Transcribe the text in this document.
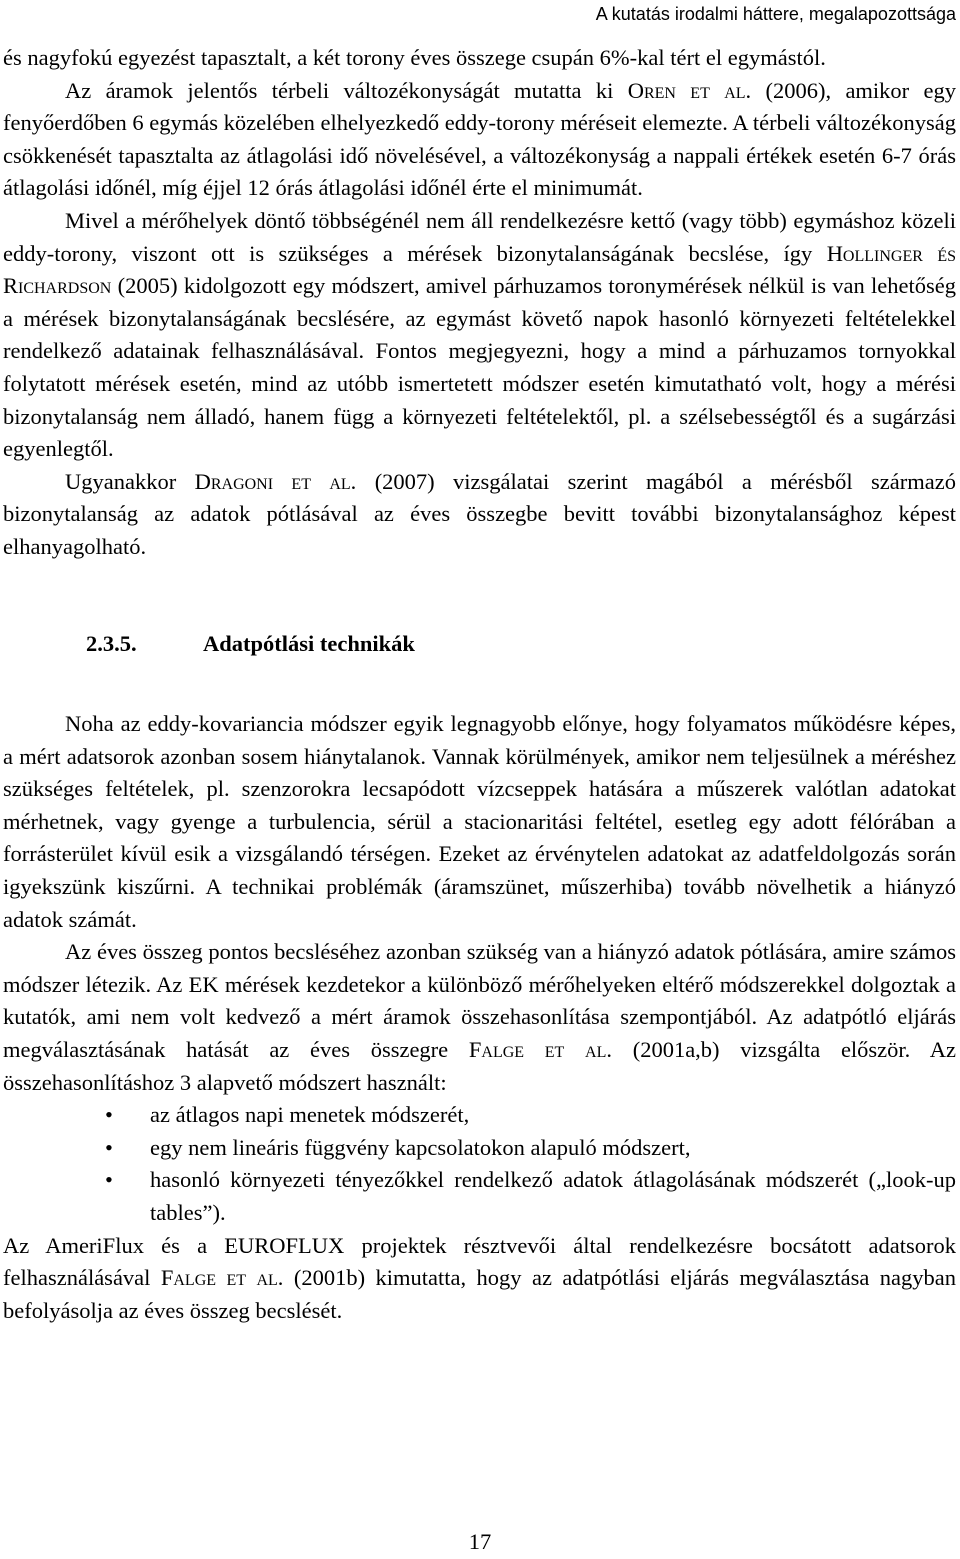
A kutatás irodalmi háttere, megalapozottsága

és nagyfokú egyezést tapasztalt, a két torony éves összege csupán 6%-kal tért el egymástól.

Az áramok jelentős térbeli változékonyságát mutatta ki Oren et al. (2006), amikor egy fenyőerdőben 6 egymás közelében elhelyezkedő eddy-torony méréseit elemezte. A térbeli változékonyság csökkenését tapasztalta az átlagolási idő növelésével, a változékonyság a nappali értékek esetén 6-7 órás átlagolási időnél, míg éjjel 12 órás átlagolási időnél érte el minimumát.

Mivel a mérőhelyek döntő többségénél nem áll rendelkezésre kettő (vagy több) egymáshoz közeli eddy-torony, viszont ott is szükséges a mérések bizonytalanságának becslése, így Hollinger és Richardson (2005) kidolgozott egy módszert, amivel párhuzamos toronymérések nélkül is van lehetőség a mérések bizonytalanságának becslésére, az egymást követő napok hasonló környezeti feltételekkel rendelkező adatainak felhasználásával. Fontos megjegyezni, hogy a mind a párhuzamos tornyokkal folytatott mérések esetén, mind az utóbb ismertetett módszer esetén kimutatható volt, hogy a mérési bizonytalanság nem álladó, hanem függ a környezeti feltételektől, pl. a szélsebességtől és a sugárzási egyenlegtől.

Ugyanakkor Dragoni et al. (2007) vizsgálatai szerint magából a mérésből származó bizonytalanság az adatok pótlásával az éves összegbe bevitt további bizonytalansághoz képest elhanyagolható.

2.3.5.	Adatpótlási technikák

Noha az eddy-kovariancia módszer egyik legnagyobb előnye, hogy folyamatos működésre képes, a mért adatsorok azonban sosem hiánytalanok. Vannak körülmények, amikor nem teljesülnek a méréshez szükséges feltételek, pl. szenzorokra lecsapódott vízcseppek hatására a műszerek valótlan adatokat mérhetnek, vagy gyenge a turbulencia, sérül a stacionaritási feltétel, esetleg egy adott félórában a forrásterület kívül esik a vizsgálandó térségen. Ezeket az érvénytelen adatokat az adatfeldolgozás során igyekszünk kiszűrni. A technikai problémák (áramszünet, műszerhiba) tovább növelhetik a hiányzó adatok számát.

Az éves összeg pontos becsléséhez azonban szükség van a hiányzó adatok pótlására, amire számos módszer létezik. Az EK mérések kezdetekor a különböző mérőhelyeken eltérő módszerekkel dolgoztak a kutatók, ami nem volt kedvező a mért áramok összehasonlítása szempontjából. Az adatpótló eljárás megválasztásának hatását az éves összegre Falge et al. (2001a,b) vizsgálta először. Az összehasonlításhoz 3 alapvető módszert használt:

• az átlagos napi menetek módszerét,
• egy nem lineáris függvény kapcsolatokon alapuló módszert,
• hasonló környezeti tényezőkkel rendelkező adatok átlagolásának módszerét („look-up tables”).

Az AmeriFlux és a EUROFLUX projektek résztvevői által rendelkezésre bocsátott adatsorok felhasználásával Falge et al. (2001b) kimutatta, hogy az adatpótlási eljárás megválasztása nagyban befolyásolja az éves összeg becslését.

17
